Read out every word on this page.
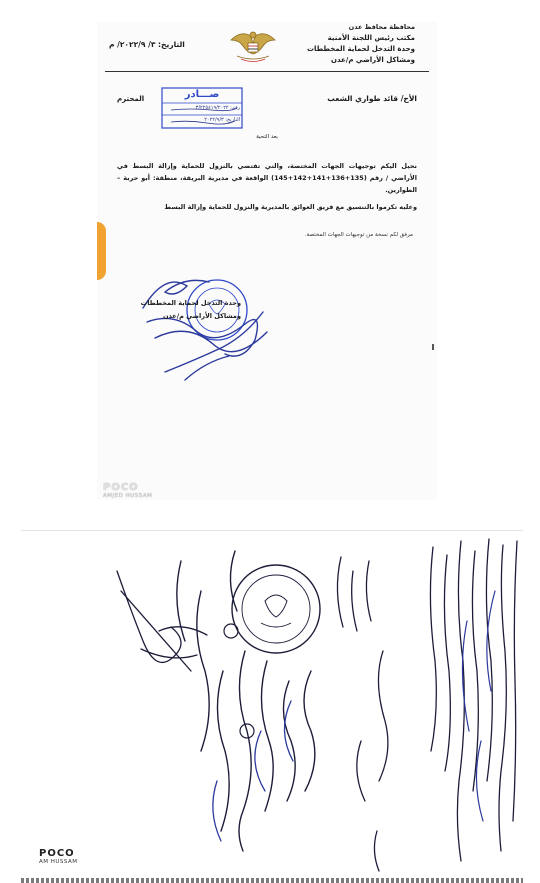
محافظة محافظ عدن
مكتب رئيس اللجنة الأمنية
وحدة التدخل لحماية المخططات
ومشاكل الأراضي م/عدن
التاريخ: ٣/ ٢٠٢٢/٩/ م
الأخ/ قائد طواري الشعب
المحترم	صـــادر
رقم: ٣/٢٢٥٤١٩/٢٠٢٢
التاريخ: ٢٠٢٢/٩/٣
بعد التحية

نحيل اليكم توجيهات الجهات المختصة، والتي تقتضي بالنزول للحماية وإزالة البسط في الأراضي / رقم (135+136+141+142+145) الواقعة في مديرية البريقة، منطقة: أبو حربة – الطوارين.

وعليه تكرموا بالتنسيق مع فريق العوائق بالمديرية والنزول للحماية وإزالة البسط

مرفق لكم نسخة من توجيهات الجهات المختصة.
وحدة التدخل لحماية المخططات
ومشاكل الأراضي م/عدن
POCO
AMJED HUSSAM
POCO
AM HUSSAM
